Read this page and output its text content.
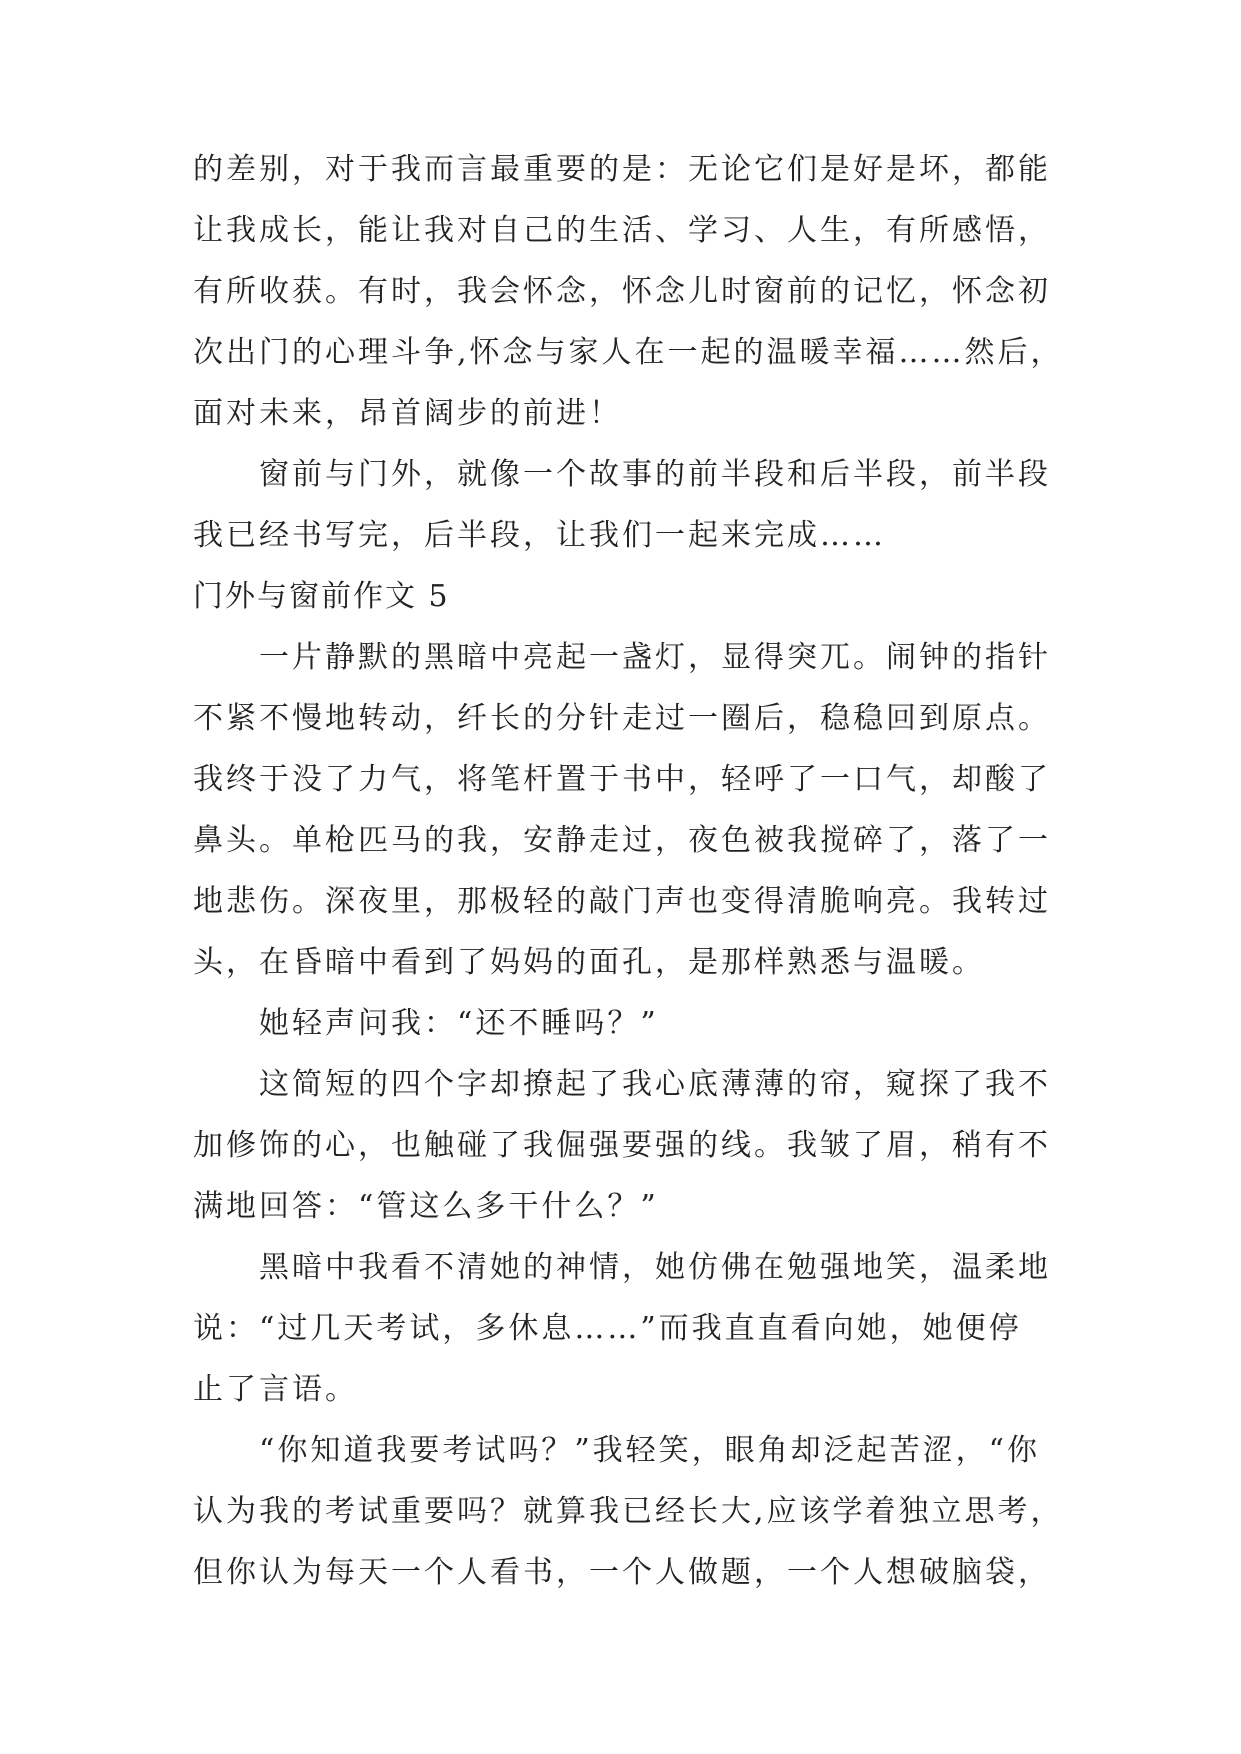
的差别，对于我而言最重要的是：无论它们是好是坏，都能
让我成长，能让我对自己的生活、学习、人生，有所感悟，
有所收获。有时，我会怀念，怀念儿时窗前的记忆，怀念初
次出门的心理斗争,怀念与家人在一起的温暖幸福……然后，
面对未来，昂首阔步的前进！
　　窗前与门外，就像一个故事的前半段和后半段，前半段
我已经书写完，后半段，让我们一起来完成……
门外与窗前作文 5
　　一片静默的黑暗中亮起一盏灯，显得突兀。闹钟的指针
不紧不慢地转动，纤长的分针走过一圈后，稳稳回到原点。
我终于没了力气，将笔杆置于书中，轻呼了一口气，却酸了
鼻头。单枪匹马的我，安静走过，夜色被我搅碎了，落了一
地悲伤。深夜里，那极轻的敲门声也变得清脆响亮。我转过
头，在昏暗中看到了妈妈的面孔，是那样熟悉与温暖。
　　她轻声问我：“还不睡吗？”
　　这简短的四个字却撩起了我心底薄薄的帘，窥探了我不
加修饰的心，也触碰了我倔强要强的线。我皱了眉，稍有不
满地回答：“管这么多干什么？”
　　黑暗中我看不清她的神情，她仿佛在勉强地笑，温柔地
说：“过几天考试，多休息……”而我直直看向她，她便停
止了言语。
　　“你知道我要考试吗？”我轻笑，眼角却泛起苦涩，“你
认为我的考试重要吗？就算我已经长大,应该学着独立思考，
但你认为每天一个人看书，一个人做题，一个人想破脑袋，
